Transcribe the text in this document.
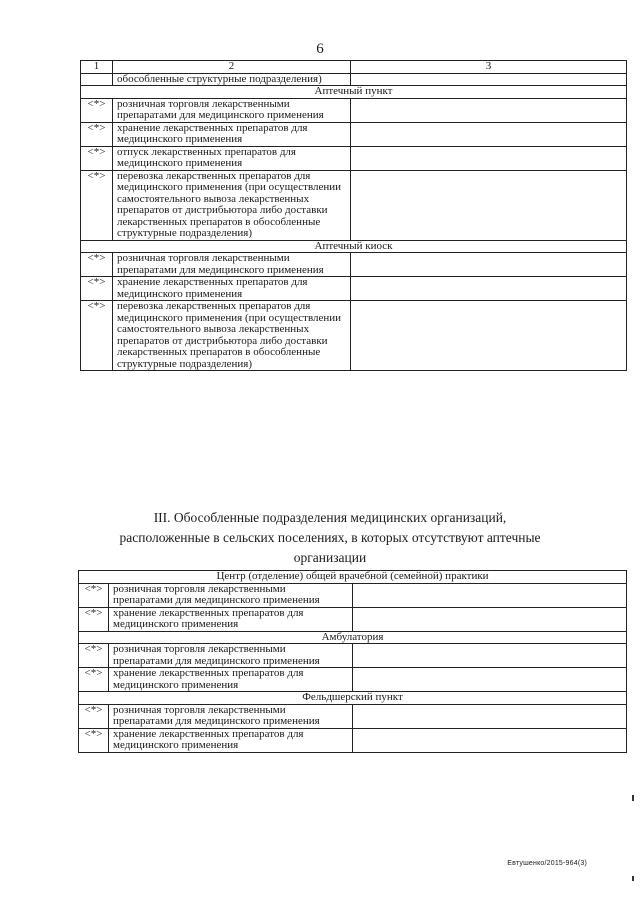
6
1	2	3
	обособленные структурные подразделения)	
Аптечный пункт		
<*>	розничная торговля лекарственными препаратами для медицинского применения	
<*>	хранение лекарственных препаратов для медицинского применения	
<*>	отпуск лекарственных препаратов для медицинского применения	
<*>	перевозка лекарственных препаратов для медицинского применения (при осуществлении самостоятельного вывоза лекарственных препаратов от дистрибьютора либо доставки лекарственных препаратов в обособленные структурные подразделения)	
Аптечный киоск		
<*>	розничная торговля лекарственными препаратами для медицинского применения	
<*>	хранение лекарственных препаратов для медицинского применения	
<*>	перевозка лекарственных препаратов для медицинского применения (при осуществлении самостоятельного вывоза лекарственных препаратов от дистрибьютора либо доставки лекарственных препаратов в обособленные структурные подразделения)	
III. Обособленные подразделения медицинских организаций,
расположенные в сельских поселениях, в которых отсутствуют аптечные
организации
Центр (отделение) общей врачебной (семейной) практики		
<*>	розничная торговля лекарственными препаратами для медицинского применения	
<*>	хранение лекарственных препаратов для медицинского применения	
Амбулатория		
<*>	розничная торговля лекарственными препаратами для медицинского применения	
<*>	хранение лекарственных препаратов для медицинского применения	
Фельдшерский пункт		
<*>	розничная торговля лекарственными препаратами для медицинского применения	
<*>	хранение лекарственных препаратов для медицинского применения	
Евтушенко/2015-964(3)
